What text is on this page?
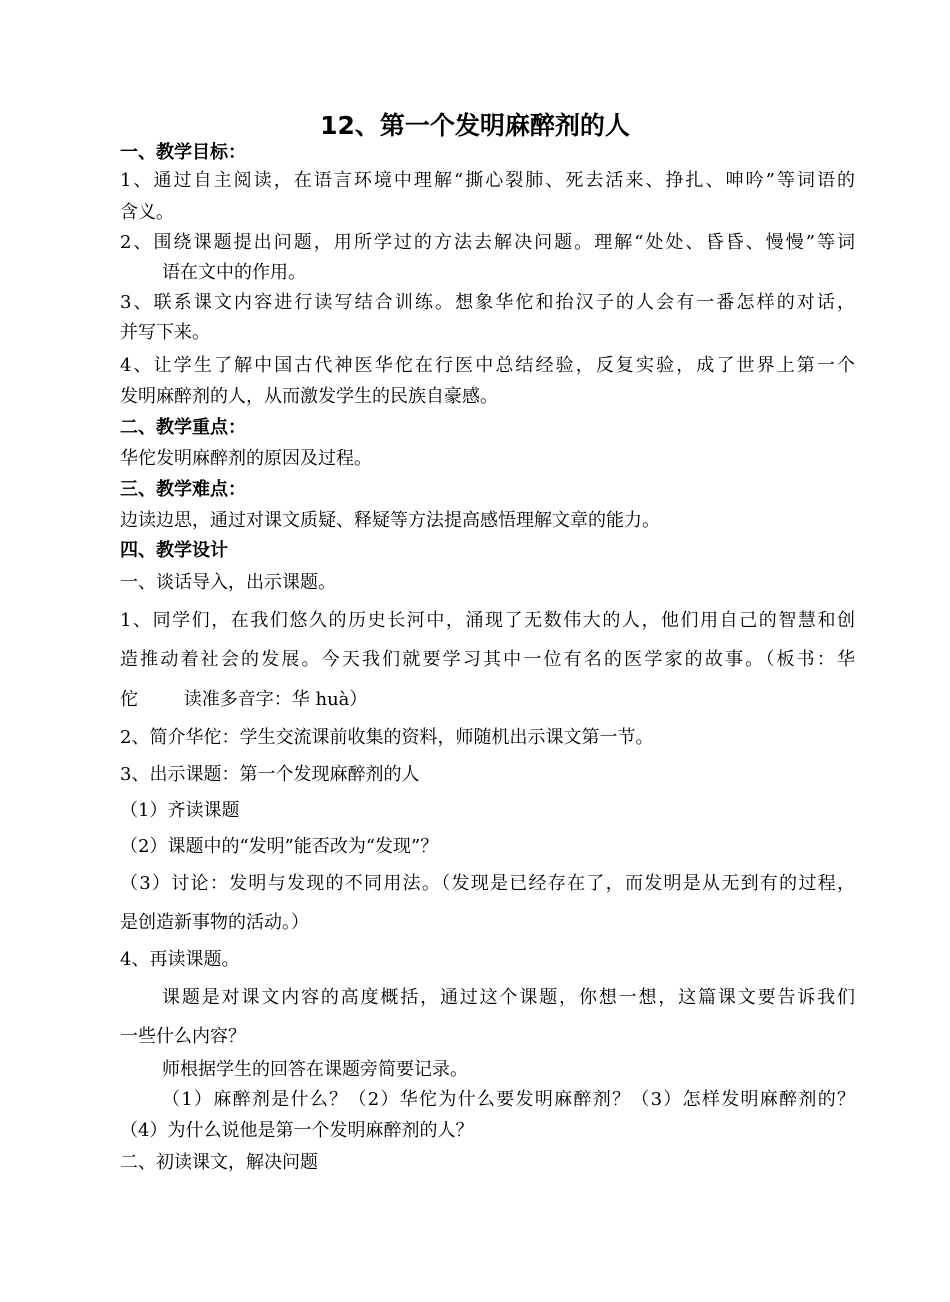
12、第一个发明麻醉剂的人
一、教学目标：
1、通过自主阅读，在语言环境中理解“撕心裂肺、死去活来、挣扎、呻吟”等词语的
含义。
2、围绕课题提出问题，用所学过的方法去解决问题。理解“处处、昏昏、慢慢”等词
语在文中的作用。
3、联系课文内容进行读写结合训练。想象华佗和抬汉子的人会有一番怎样的对话，
并写下来。
4、让学生了解中国古代神医华佗在行医中总结经验，反复实验，成了世界上第一个
发明麻醉剂的人，从而激发学生的民族自豪感。
二、教学重点：
华佗发明麻醉剂的原因及过程。
三、教学难点：
边读边思，通过对课文质疑、释疑等方法提高感悟理解文章的能力。
四、教学设计
一、谈话导入，出示课题。
1、同学们，在我们悠久的历史长河中，涌现了无数伟大的人，他们用自己的智慧和创
造推动着社会的发展。今天我们就要学习其中一位有名的医学家的故事。（板书：华
佗        读准多音字：华 huà）
2、简介华佗：学生交流课前收集的资料，师随机出示课文第一节。
3、出示课题：第一个发现麻醉剂的人
（1）齐读课题
（2）课题中的“发明”能否改为“发现”？
（3）讨论：发明与发现的不同用法。（发现是已经存在了，而发明是从无到有的过程，
是创造新事物的活动。）
4、再读课题。
课题是对课文内容的高度概括，通过这个课题，你想一想，这篇课文要告诉我们
一些什么内容？
师根据学生的回答在课题旁简要记录。
（1）麻醉剂是什么？（2）华佗为什么要发明麻醉剂？（3）怎样发明麻醉剂的？
（4）为什么说他是第一个发明麻醉剂的人？
二、初读课文，解决问题
